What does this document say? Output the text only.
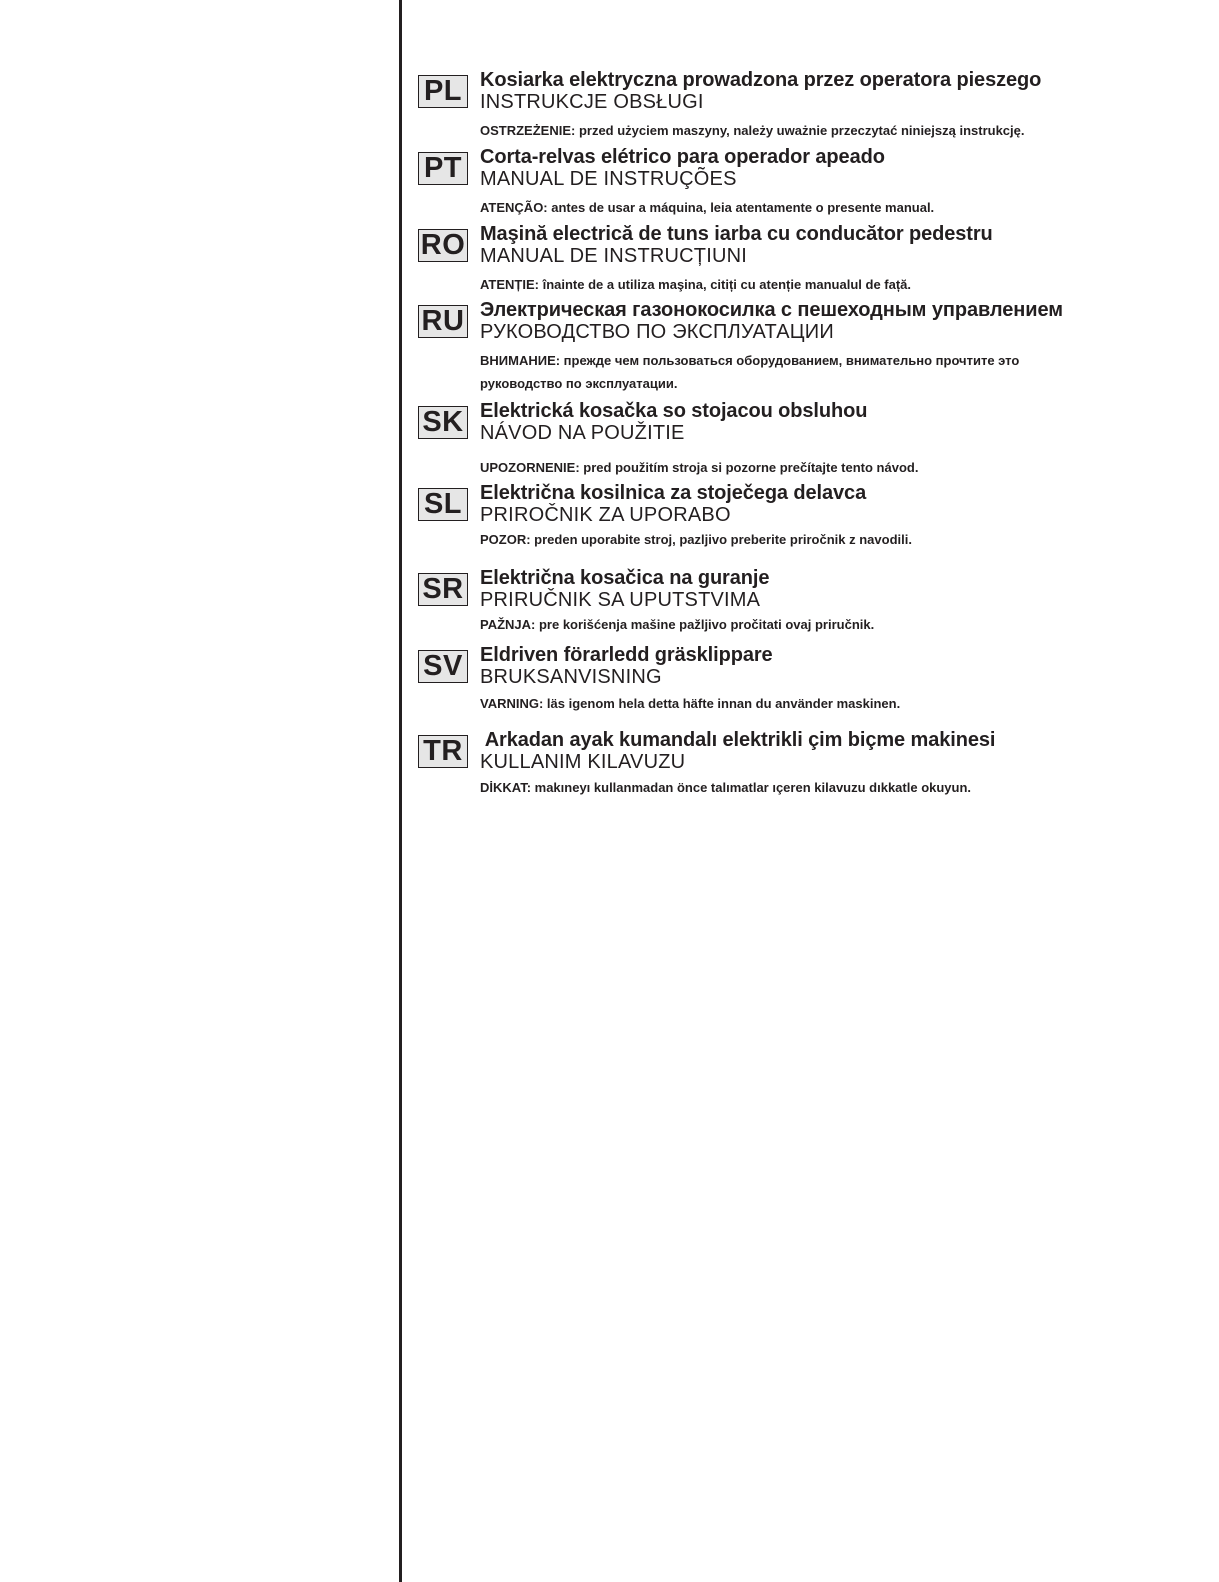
PL Kosiarka elektryczna prowadzona przez operatora pieszego
INSTRUKCJE OBSŁUGI
OSTRZEŻENIE: przed użyciem maszyny, należy uważnie przeczytać niniejszą instrukcję.
PT Corta-relvas elétrico para operador apeado
MANUAL DE INSTRUÇÕES
ATENÇÃO: antes de usar a máquina, leia atentamente o presente manual.
RO Maşină electrică de tuns iarba cu conducător pedestru
MANUAL DE INSTRUCȚIUNI
ATENȚIE: înainte de a utiliza maşina, citiți cu atenție manualul de față.
RU Электрическая газонокосилка с пешеходным управлением
РУКОВОДСТВО ПО ЭКСПЛУАТАЦИИ
ВНИМАНИЕ: прежде чем пользоваться оборудованием, внимательно прочтите это руководство по эксплуатации.
SK Elektrická kosačka so stojacou obsluhou
NÁVOD NA POUŽITIE
UPOZORNENIE: pred použitím stroja si pozorne prečítajte tento návod.
SL Električna kosilnica za stoječega delavca
PRIROČNIK ZA UPORABO
POZOR: preden uporabite stroj, pazljivo preberite priročnik z navodili.
SR Električna kosačica na guranje
PRIRUČNIK SA UPUTSTVIMA
PAŽNJA: pre korišćenja mašine pažljivo pročitati ovaj priručnik.
SV Eldriven förarledd gräsklippare
BRUKSANVISNING
VARNING: läs igenom hela detta häfte innan du använder maskinen.
TR Arkadan ayak kumandalı elektrikli çim biçme makinesi
KULLANIM KILAVUZU
DİKKAT: makıneyı kullanmadan önce talımatlar ıçeren kilavuzu dıkkatle okuyun.
